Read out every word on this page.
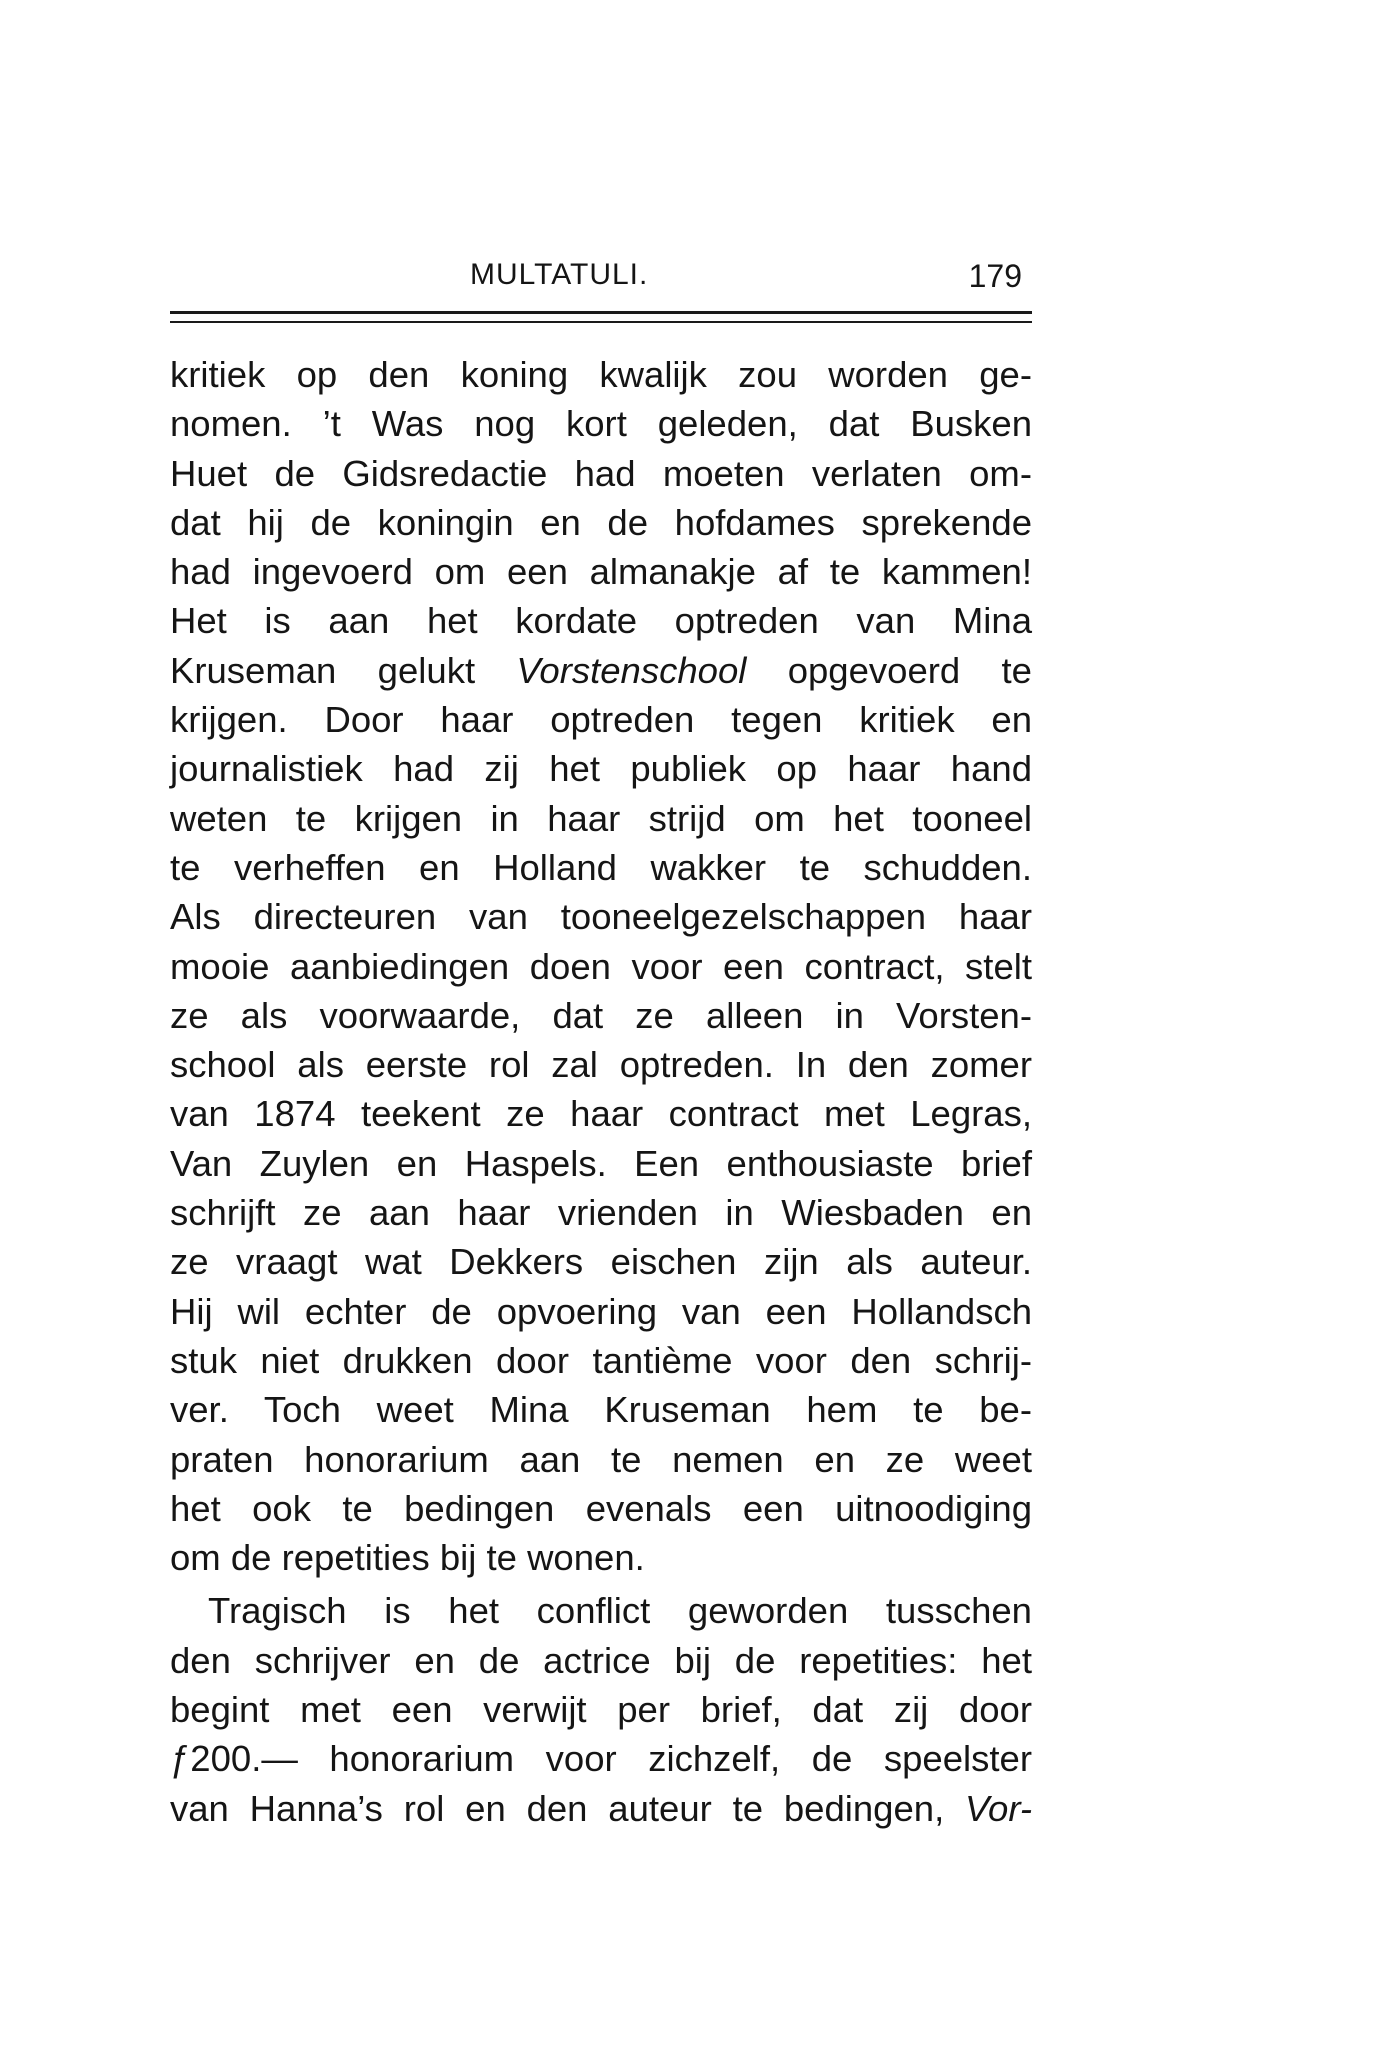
MULTATULI.	179
kritiek op den koning kwalijk zou worden ge-
nomen. ’t Was nog kort geleden, dat Busken
Huet de Gidsredactie had moeten verlaten om-
dat hij de koningin en de hofdames sprekende
had ingevoerd om een almanakje af te kammen!
Het is aan het kordate optreden van Mina
Kruseman gelukt Vorstenschool opgevoerd te
krijgen. Door haar optreden tegen kritiek en
journalistiek had zij het publiek op haar hand
weten te krijgen in haar strijd om het tooneel
te verheffen en Holland wakker te schudden.
Als directeuren van tooneelgezelschappen haar
mooie aanbiedingen doen voor een contract, stelt
ze als voorwaarde, dat ze alleen in Vorsten-
school als eerste rol zal optreden. In den zomer
van 1874 teekent ze haar contract met Legras,
Van Zuylen en Haspels. Een enthousiaste brief
schrijft ze aan haar vrienden in Wiesbaden en
ze vraagt wat Dekkers eischen zijn als auteur.
Hij wil echter de opvoering van een Hollandsch
stuk niet drukken door tantième voor den schrij-
ver. Toch weet Mina Kruseman hem te be-
praten honorarium aan te nemen en ze weet
het ook te bedingen evenals een uitnoodiging
om de repetities bij te wonen.
Tragisch is het conflict geworden tusschen
den schrijver en de actrice bij de repetities: het
begint met een verwijt per brief, dat zij door
ƒ200.— honorarium voor zichzelf, de speelster
van Hanna’s rol en den auteur te bedingen, Vor-
